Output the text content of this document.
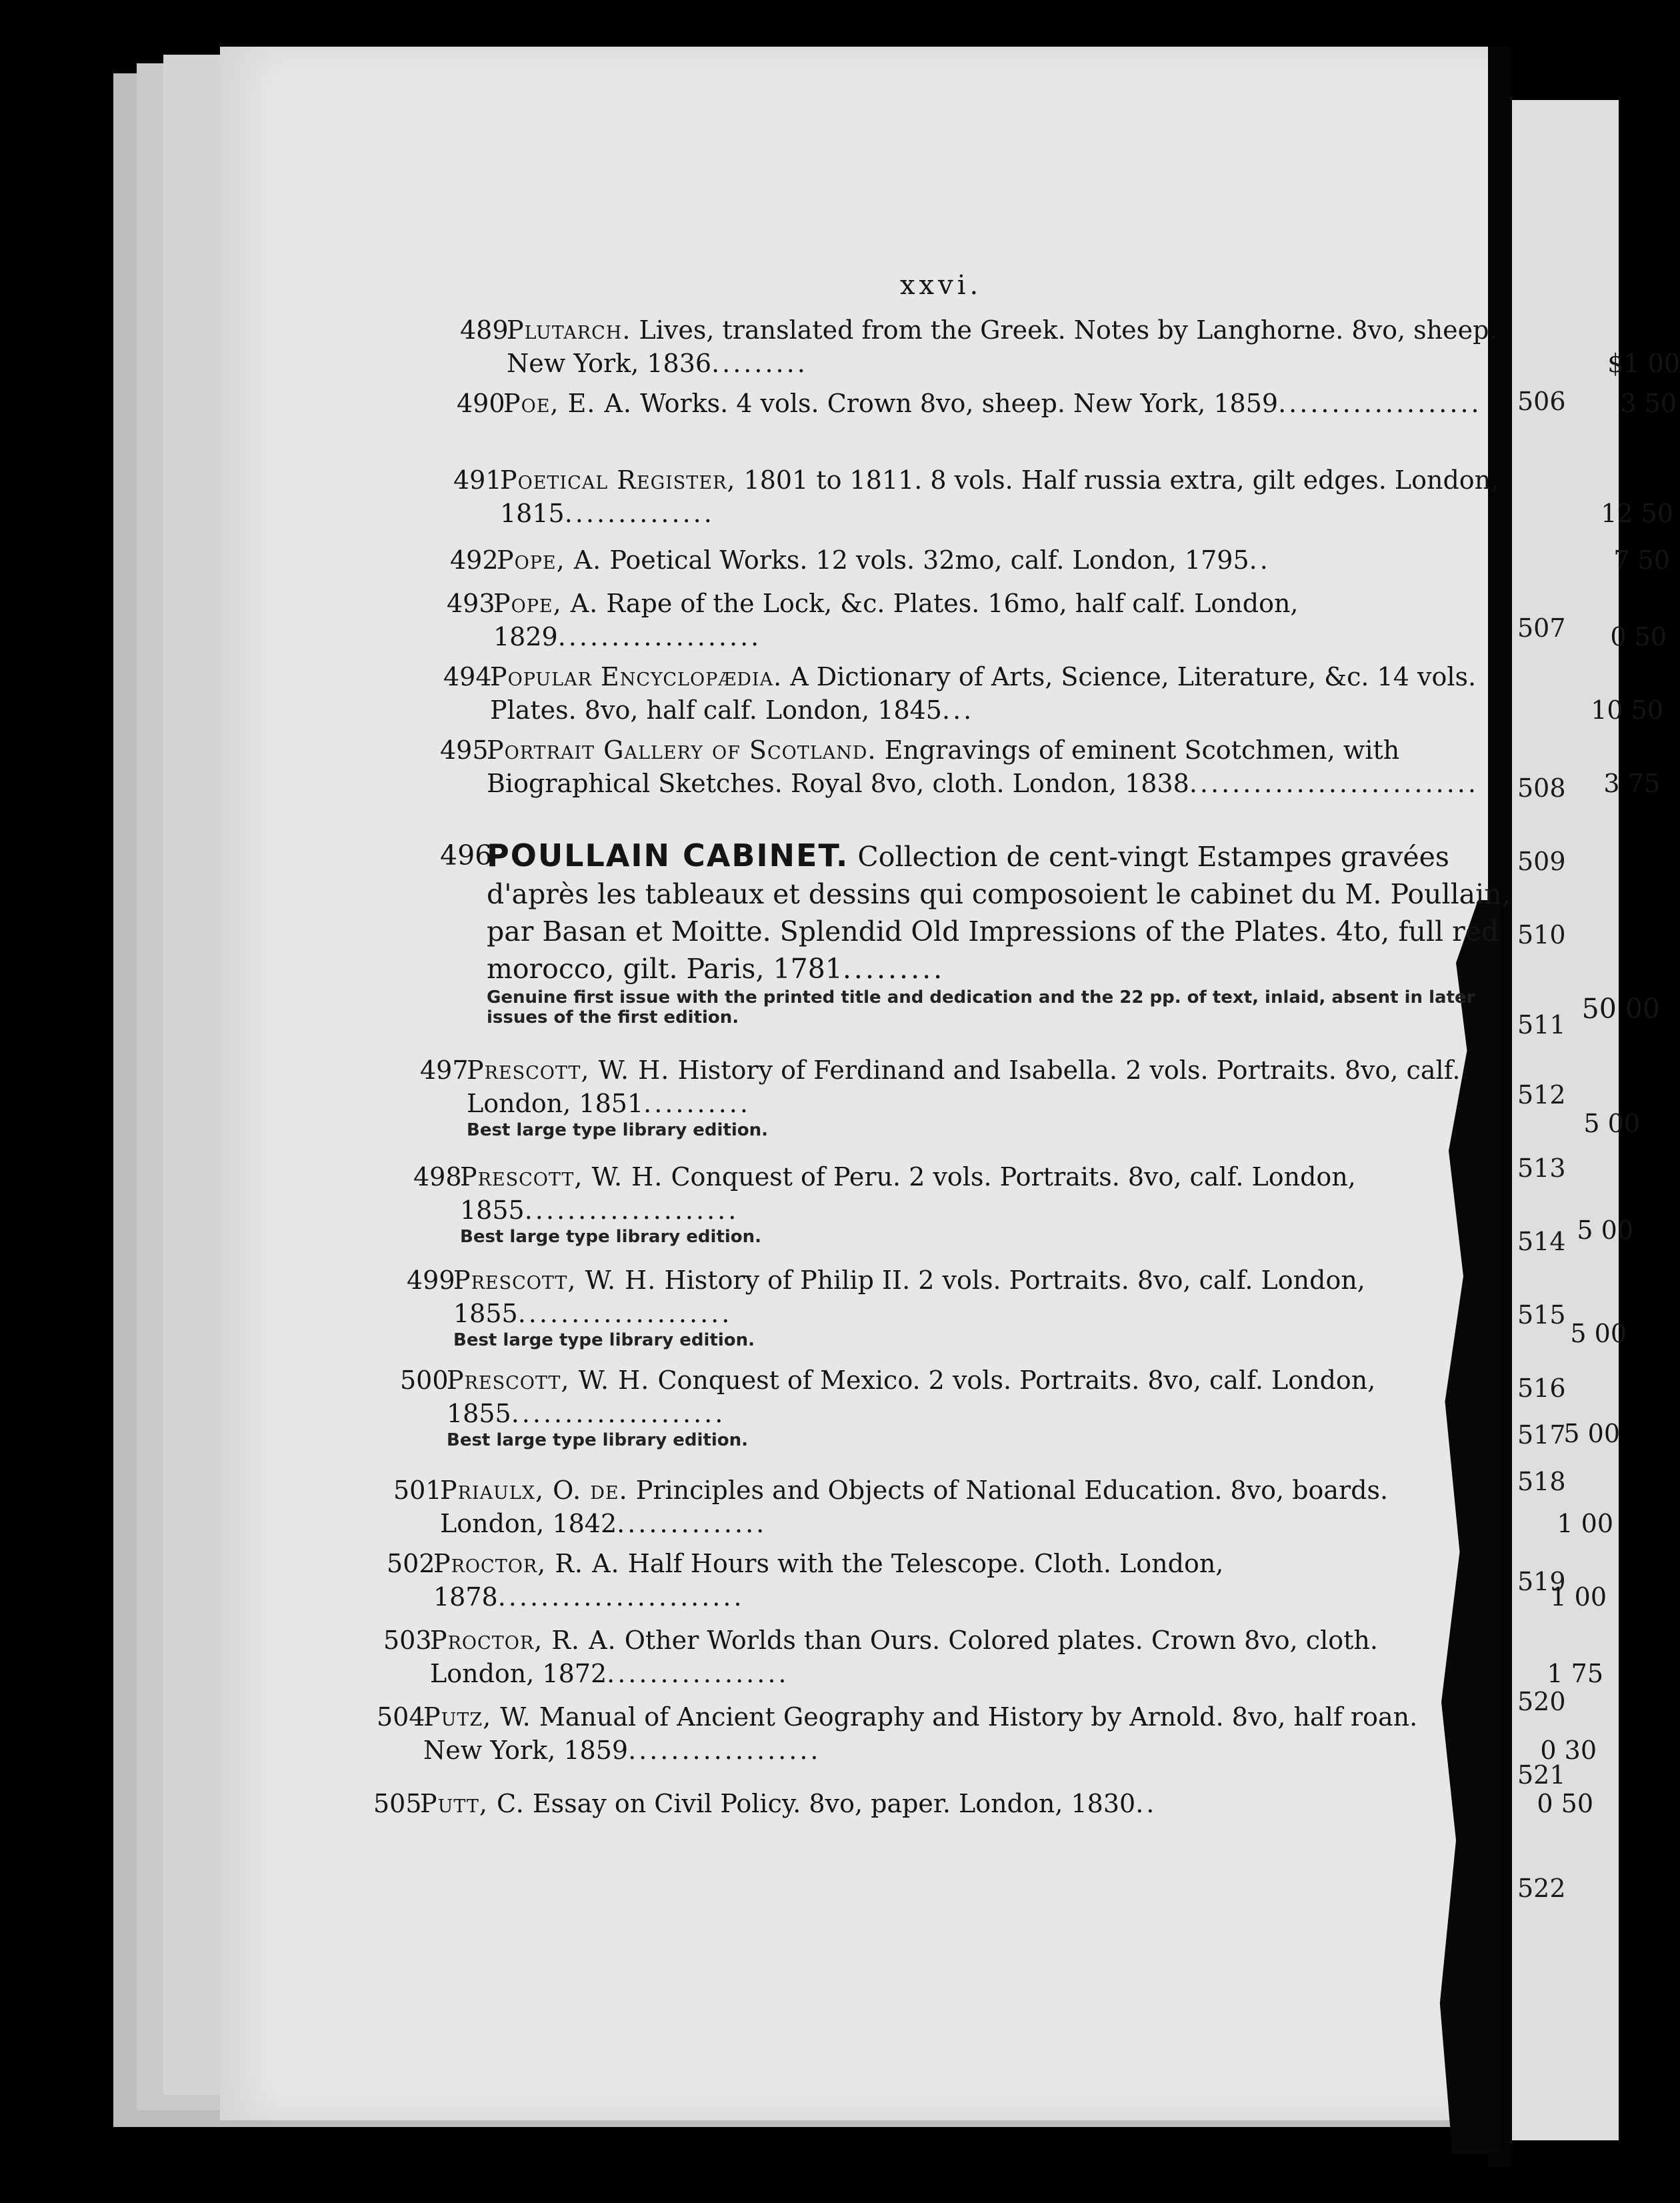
506
507
508
509
510
511
512
513
514
515
516
517
518
519
520
521
522
xxvi.
489
Plutarch. Lives, translated from the Greek. Notes by Langhorne. 8vo, sheep. New York, 1836.........	$1 00
490
Poe, E. A. Works. 4 vols. Crown 8vo, sheep. New York, 1859...................	3 50
491
Poetical Register, 1801 to 1811. 8 vols. Half russia extra, gilt edges. London, 1815..............	12 50
492
Pope, A. Poetical Works. 12 vols. 32mo, calf. London, 1795..	7 50
493
Pope, A. Rape of the Lock, &c. Plates. 16mo, half calf. London, 1829...................	0 50
494
Popular Encyclopædia. A Dictionary of Arts, Science, Literature, &c. 14 vols. Plates. 8vo, half calf. London, 1845...	10 50
495
Portrait Gallery of Scotland. Engravings of eminent Scotchmen, with Biographical Sketches. Royal 8vo, cloth. London, 1838...........................	3 75
496
POULLAIN CABINET. Collection de cent-vingt Estampes gravées d'après les tableaux et dessins qui composoient le cabinet du M. Poullain, par Basan et Moitte. Splendid Old Impressions of the Plates. 4to, full red morocco, gilt. Paris, 1781.........
Genuine first issue with the printed title and dedication and the 22 pp. of text, inlaid, absent in later issues of the first edition.	50 00
497
Prescott, W. H. History of Ferdinand and Isabella. 2 vols. Portraits. 8vo, calf. London, 1851..........
Best large type library edition.	5 00
498
Prescott, W. H. Conquest of Peru. 2 vols. Portraits. 8vo, calf. London, 1855....................
Best large type library edition.	5 00
499
Prescott, W. H. History of Philip II. 2 vols. Portraits. 8vo, calf. London, 1855....................
Best large type library edition.	5 00
500
Prescott, W. H. Conquest of Mexico. 2 vols. Portraits. 8vo, calf. London, 1855....................
Best large type library edition.	5 00
501
Priaulx, O. de. Principles and Objects of National Education. 8vo, boards. London, 1842..............	1 00
502
Proctor, R. A. Half Hours with the Telescope. Cloth. London, 1878.......................	1 00
503
Proctor, R. A. Other Worlds than Ours. Colored plates. Crown 8vo, cloth. London, 1872.................	1 75
504
Putz, W. Manual of Ancient Geography and History by Arnold. 8vo, half roan. New York, 1859..................	0 30
505
Putt, C. Essay on Civil Policy. 8vo, paper. London, 1830..	0 50
